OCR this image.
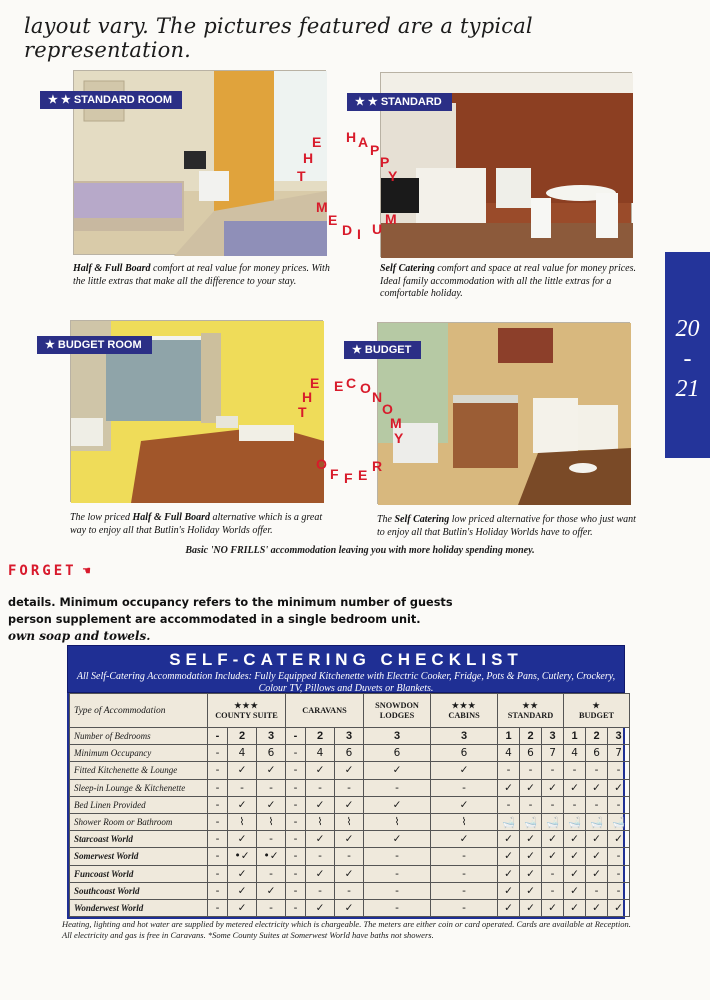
layout vary. The pictures featured are a typical representation.
★ ★ STANDARD ROOM	★ ★ STANDARD
Half & Full Board comfort at real value for money prices. With the little extras that make all the difference to your stay.
Self Catering comfort and space at real value for money prices. Ideal family accommodation with all the little extras for a comfortable holiday.
★ BUDGET ROOM	★ BUDGET
The low priced Half & Full Board alternative which is a great way to enjoy all that Butlin's Holiday Worlds offer.
The Self Catering low priced alternative for those who just want to enjoy all that Butlin's Holiday Worlds have to offer.
T
H
E H A P
P
Y
M
E
D I U
M
T
H
E E C O
N
O
M
Y
O
F F E
R
20
-
21
Basic 'NO FRILLS' accommodation leaving you with more holiday spending money.
FORGET ☚
details. Minimum occupancy refers to the minimum number of guests
person supplement are accommodated in a single bedroom unit.
own soap and towels.
SELF-CATERING CHECKLIST
All Self-Catering Accommodation Includes: Fully Equipped Kitchenette with Electric Cooker, Fridge, Pots & Pans, Cutlery, Crockery, Colour TV, Pillows and Duvets or Blankets.
Type of Accommodation	★★★
COUNTY SUITE			CARAVANS			SNOWDON LODGES	★★★
CABINS	★★
STANDARD			★
BUDGET		
Number of Bedrooms	-	2	3	-	2	3	3	3	1	2	3	1	2	3
Minimum Occupancy	-	4	6	-	4	6	6	6	4	6	7	4	6	7
Fitted Kitchenette & Lounge	-	✓	✓	-	✓	✓	✓	✓	-	-	-	-	-	-
Sleep-in Lounge & Kitchenette	-	-	-	-	-	-	-	-	✓	✓	✓	✓	✓	✓
Bed Linen Provided	-	✓	✓	-	✓	✓	✓	✓	-	-	-	-	-	-
Shower Room or Bathroom	-	⌇	⌇	-	⌇	⌇	⌇	⌇	🛁	🛁	🛁	🛁	🛁	🛁
Starcoast World	-	✓	-	-	✓	✓	✓	✓	✓	✓	✓	✓	✓	✓
Somerwest World	-	•✓	•✓	-	-	-	-	-	✓	✓	✓	✓	✓	-
Funcoast World	-	✓	-	-	✓	✓	-	-	✓	✓	-	✓	✓	-
Southcoast World	-	✓	✓	-	-	-	-	-	✓	✓	-	✓	-	-
Wonderwest World	-	✓	-	-	✓	✓	-	-	✓	✓	✓	✓	✓	✓
Heating, lighting and hot water are supplied by metered electricity which is chargeable. The meters are either coin or card operated. Cards are available at Reception. All electricity and gas is free in Caravans. *Some County Suites at Somerwest World have baths not showers.
